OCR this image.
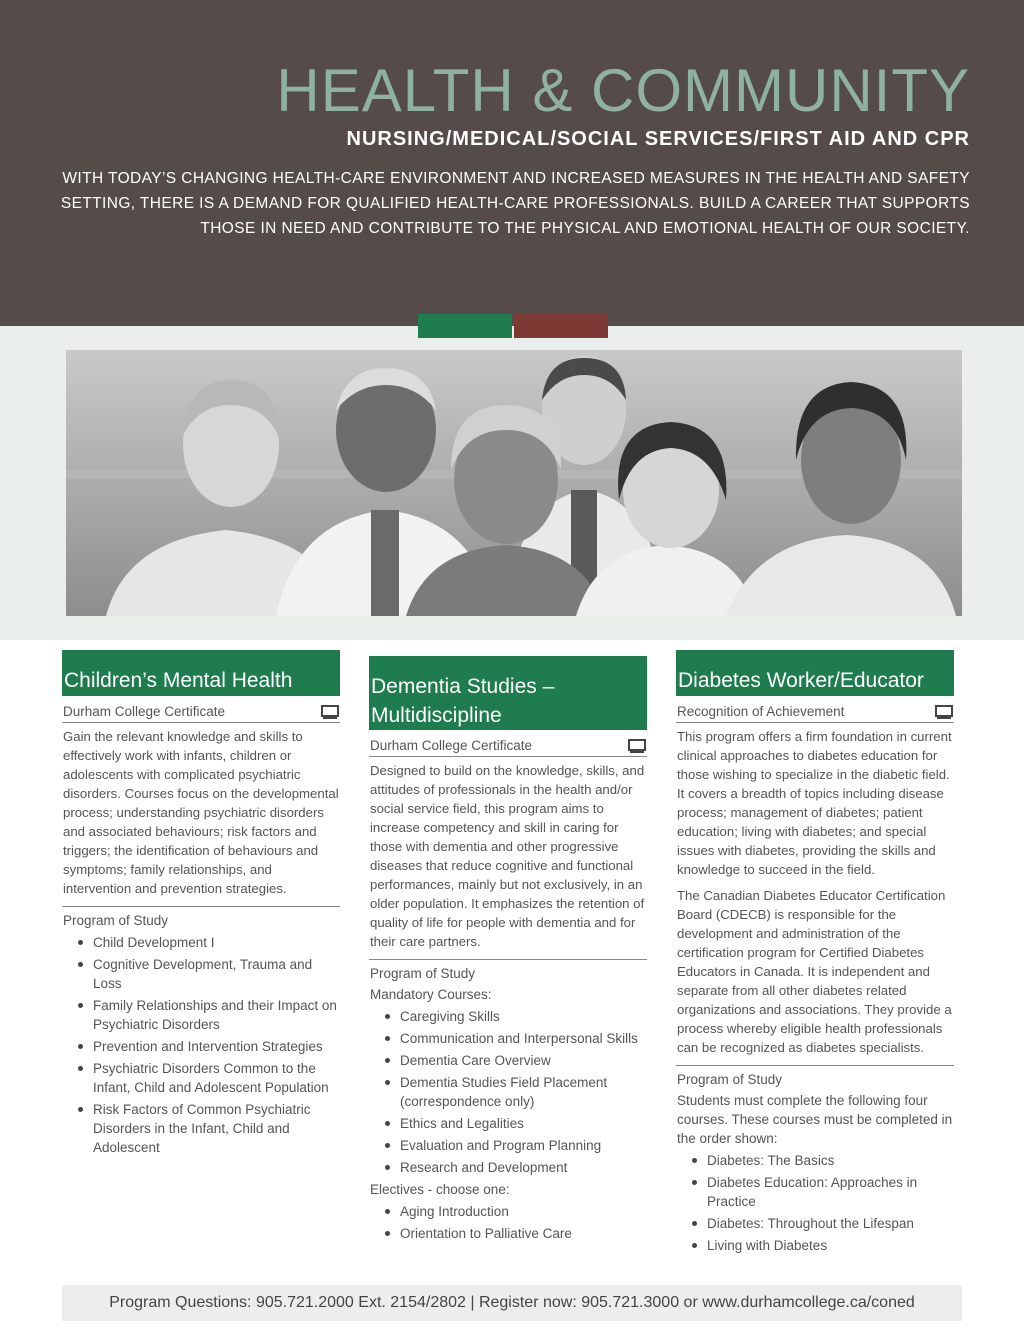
HEALTH & COMMUNITY
NURSING/MEDICAL/SOCIAL SERVICES/FIRST AID AND CPR

WITH TODAY’S CHANGING HEALTH-CARE ENVIRONMENT AND INCREASED MEASURES IN THE HEALTH AND SAFETY SETTING, THERE IS A DEMAND FOR QUALIFIED HEALTH-CARE PROFESSIONALS. BUILD A CAREER THAT SUPPORTS THOSE IN NEED AND CONTRIBUTE TO THE PHYSICAL AND EMOTIONAL HEALTH OF OUR SOCIETY.

Children’s Mental Health
Durham College Certificate
Gain the relevant knowledge and skills to effectively work with infants, children or adolescents with complicated psychiatric disorders. Courses focus on the developmental process; understanding psychiatric disorders and associated behaviours; risk factors and triggers; the identification of behaviours and symptoms; family relationships, and intervention and prevention strategies.
Program of Study
Child Development I
Cognitive Development, Trauma and Loss
Family Relationships and their Impact on Psychiatric Disorders
Prevention and Intervention Strategies
Psychiatric Disorders Common to the Infant, Child and Adolescent Population
Risk Factors of Common Psychiatric Disorders in the Infant, Child and Adolescent
Dementia Studies – Multidiscipline
Durham College Certificate
Designed to build on the knowledge, skills, and attitudes of professionals in the health and/or social service field, this program aims to increase competency and skill in caring for those with dementia and other progressive diseases that reduce cognitive and functional performances, mainly but not exclusively, in an older population. It emphasizes the retention of quality of life for people with dementia and for their care partners.
Program of Study
Mandatory Courses:
Caregiving Skills
Communication and Interpersonal Skills
Dementia Care Overview
Dementia Studies Field Placement (correspondence only)
Ethics and Legalities
Evaluation and Program Planning
Research and Development
Electives - choose one:
Aging Introduction
Orientation to Palliative Care
Diabetes Worker/Educator
Recognition of Achievement

This program offers a firm foundation in current clinical approaches to diabetes education for those wishing to specialize in the diabetic field. It covers a breadth of topics including disease process; management of diabetes; patient education; living with diabetes; and special issues with diabetes, providing the skills and knowledge to succeed in the field.

The Canadian Diabetes Educator Certification Board (CDECB) is responsible for the development and administration of the certification program for Certified Diabetes Educators in Canada. It is independent and separate from all other diabetes related organizations and associations. They provide a process whereby eligible health professionals can be recognized as diabetes specialists.

Program of Study
Students must complete the following four courses. These courses must be completed in the order shown:
Diabetes: The Basics
Diabetes Education: Approaches in Practice
Diabetes: Throughout the Lifespan
Living with Diabetes
Program Questions: 905.721.2000 Ext. 2154/2802 | Register now: 905.721.3000 or www.durhamcollege.ca/coned
